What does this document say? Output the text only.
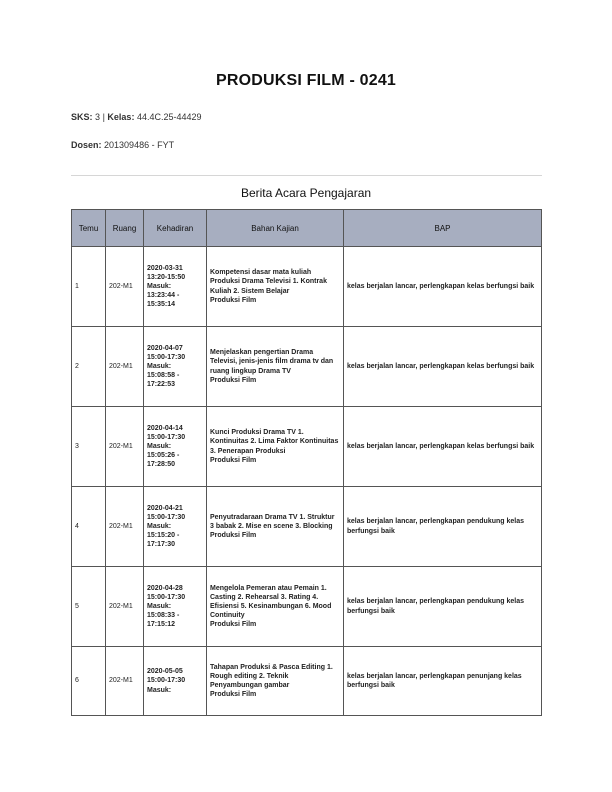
PRODUKSI FILM - 0241
SKS: 3 | Kelas: 44.4C.25-44429
Dosen: 201309486 - FYT
Berita Acara Pengajaran
Temu	Ruang	Kehadiran	Bahan Kajian	BAP
1	202-M1	2020-03-31
13:20-15:50
Masuk:
13:23:44 -
15:35:14	Kompetensi dasar mata kuliah Produksi Drama Televisi 1. Kontrak Kuliah 2. Sistem Belajar
Produksi Film	kelas berjalan lancar, perlengkapan kelas berfungsi baik
2	202-M1	2020-04-07
15:00-17:30
Masuk:
15:08:58 -
17:22:53	Menjelaskan pengertian Drama Televisi, jenis-jenis film drama tv dan ruang lingkup Drama TV
Produksi Film	kelas berjalan lancar, perlengkapan kelas berfungsi baik
3	202-M1	2020-04-14
15:00-17:30
Masuk:
15:05:26 -
17:28:50	Kunci Produksi Drama TV 1. Kontinuitas 2. Lima Faktor Kontinuitas 3. Penerapan Produksi
Produksi Film	kelas berjalan lancar, perlengkapan kelas berfungsi baik
4	202-M1	2020-04-21
15:00-17:30
Masuk:
15:15:20 -
17:17:30	Penyutradaraan Drama TV 1. Struktur 3 babak 2. Mise en scene 3. Blocking
Produksi Film	kelas berjalan lancar, perlengkapan pendukung kelas berfungsi baik
5	202-M1	2020-04-28
15:00-17:30
Masuk:
15:08:33 -
17:15:12	Mengelola Pemeran atau Pemain 1. Casting 2. Rehearsal 3. Rating 4. Efisiensi 5. Kesinambungan 6. Mood Continuity
Produksi Film	kelas berjalan lancar, perlengkapan pendukung kelas berfungsi baik
6	202-M1	2020-05-05
15:00-17:30
Masuk:	Tahapan Produksi & Pasca Editing 1. Rough editing 2. Teknik Penyambungan gambar
Produksi Film	kelas berjalan lancar, perlengkapan penunjang kelas berfungsi baik
